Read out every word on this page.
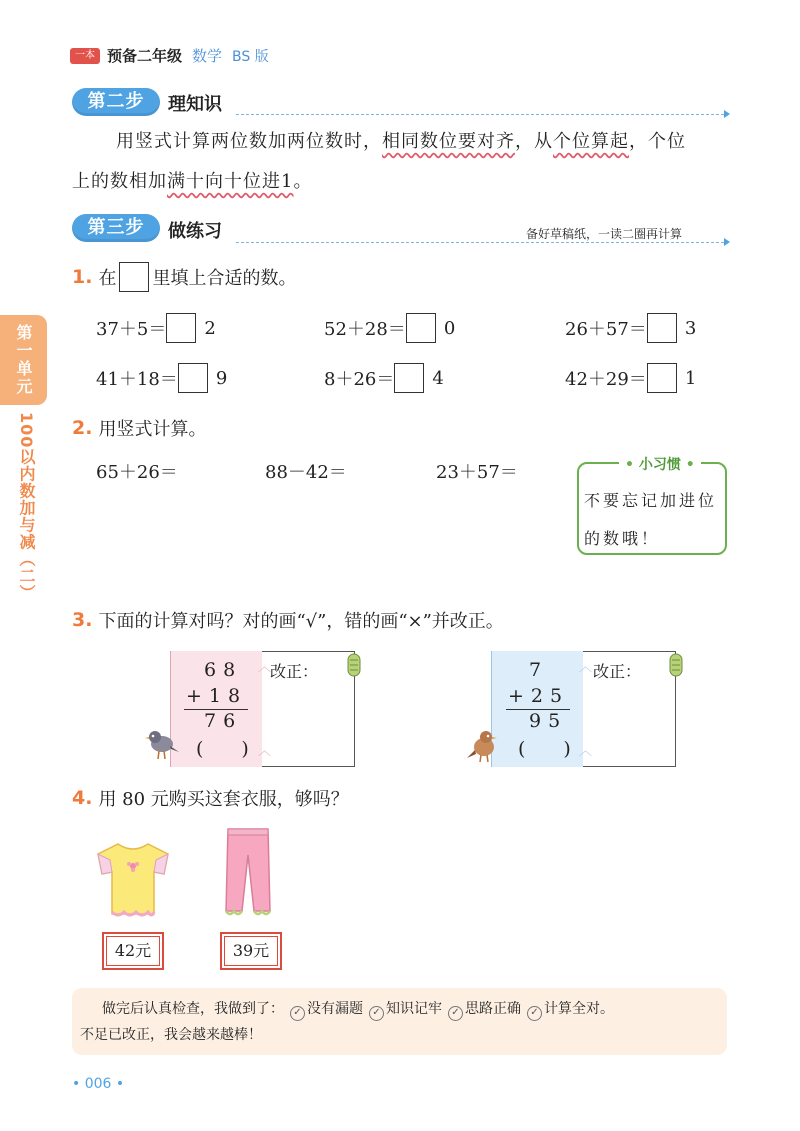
一本 预备二年级 数学 BS 版
第一单元
100以内数加与减（二）
第二步	理知识
用竖式计算两位数加两位数时，相同数位要对齐，从个位算起，个位
上的数相加满十向十位进1。
第三步	做练习	备好草稿纸，一读二圈再计算
1. 在 里填上合适的数。
37＋5＝ 2	52＋28＝ 0	26＋57＝ 3
41＋18＝ 9	8＋26＝ 4	42＋29＝ 1
2. 用竖式计算。
65＋26＝	88－42＝	23＋57＝	• 小习惯 •
不要忘记加进位的数哦！
3. 下面的计算对吗？对的画“√”，错的画“×”并改正。
68
+18
76
(　　)
改正：
︿
︿
7
+25
95
(　　)
改正：
︿
︿
4. 用 80 元购买这套衣服，够吗？
42元	39元
做完后认真检查，我做到了： ✓ 没有漏题 ✓ 知识记牢 ✓ 思路正确 ✓ 计算全对。
不足已改正，我会越来越棒！
• 006 •
